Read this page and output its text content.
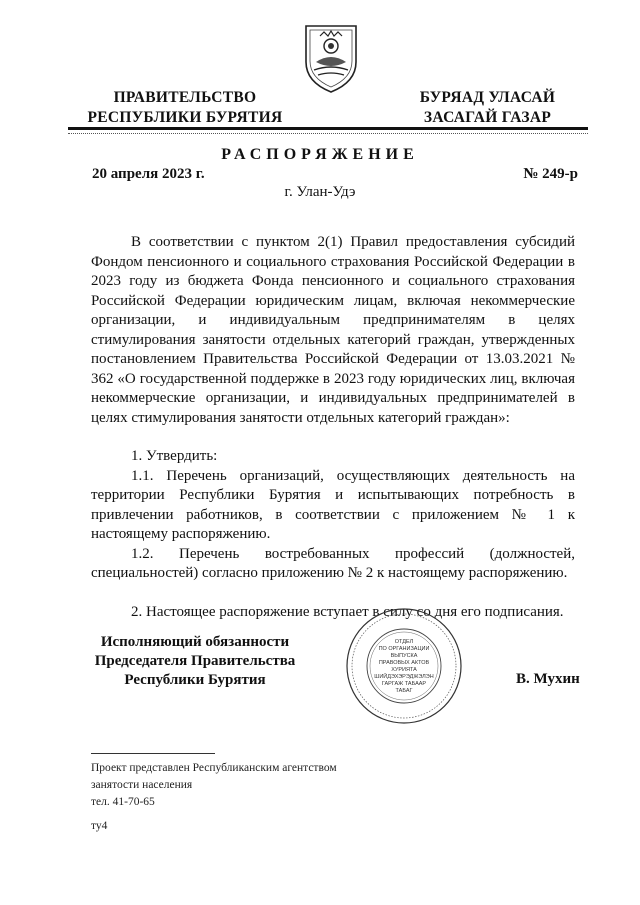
ПРАВИТЕЛЬСТВО
РЕСПУБЛИКИ БУРЯТИЯ
БУРЯАД УЛАСАЙ
ЗАСАГАЙ ГАЗАР
РАСПОРЯЖЕНИЕ
20 апреля 2023 г.	№ 249-р
г. Улан-Удэ

В соответствии с пунктом 2(1) Правил предоставления субсидий Фондом пенсионного и социального страхования Российской Федерации в 2023 году из бюджета Фонда пенсионного и социального страхования Российской Федерации юридическим лицам, включая некоммерческие организации, и индивидуальным предпринимателям в целях стимулирования занятости отдельных категорий граждан, утвержденных постановлением Правительства Российской Федерации от 13.03.2021 № 362 «О государственной поддержке в 2023 году юридических лиц, включая некоммерческие организации, и индивидуальных предпринимателей в целях стимулирования занятости отдельных категорий граждан»:

1. Утвердить:

1.1. Перечень организаций, осуществляющих деятельность на территории Республики Бурятия и испытывающих потребность в привлечении работников, в соответствии с приложением № 1 к настоящему распоряжению.

1.2. Перечень востребованных профессий (должностей, специальностей) согласно приложению № 2 к настоящему распоряжению.

2. Настоящее распоряжение вступает в силу со дня его подписания.

Исполняющий обязанности
Председателя Правительства
Республики Бурятия
ОТДЕЛ
ПО ОРГАНИЗАЦИИ
ВЫПУСКА
ПРАВОВЫХ АКТОВ
ХУРИЯТА
ШИЙДЭХЭРЭДЖЭЛЭН
ГАРГАЖ ТАБААР
ТАБАГ
В. Мухин
Проект представлен Республиканским агентством
занятости населения
тел. 41-70-65
ту4
